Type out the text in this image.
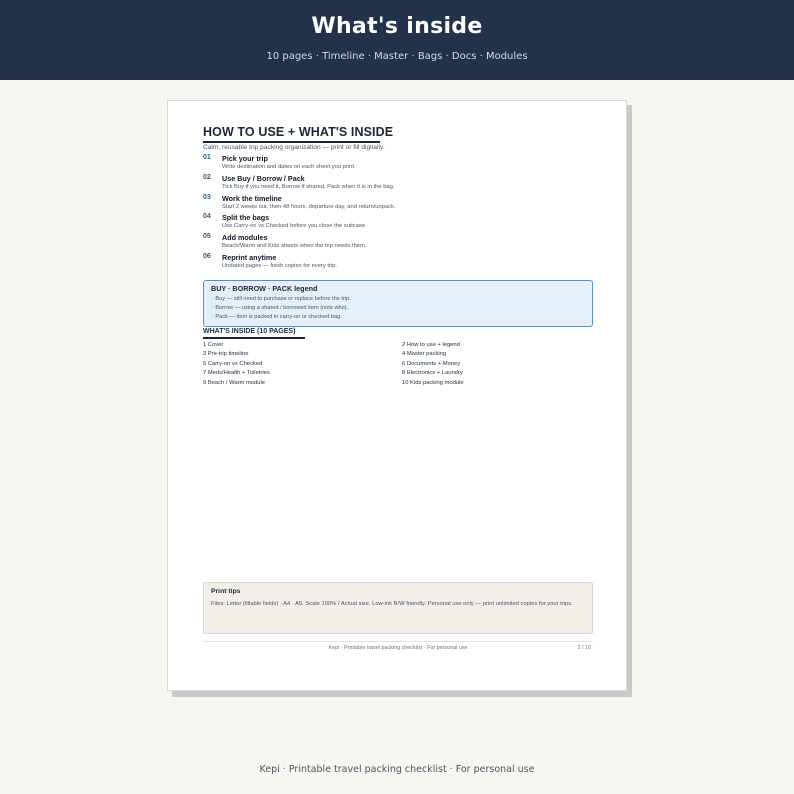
What's inside
10 pages · Timeline · Master · Bags · Docs · Modules
HOW TO USE + WHAT'S INSIDE
Calm, reusable trip packing organization — print or fill digitally.
01 Pick your trip
Write destination and dates on each sheet you print.
02 Use Buy / Borrow / Pack
Tick Buy if you need it, Borrow if shared, Pack when it is in the bag.
03 Work the timeline
Start 2 weeks out, then 48 hours, departure day, and return/unpack.
04 Split the bags
Use Carry-on vs Checked before you close the suitcase.
05 Add modules
Beach/Warm and Kids sheets when the trip needs them.
06 Reprint anytime
Undated pages — fresh copies for every trip.
BUY · BORROW · PACK legend
· Buy — still need to purchase or replace before the trip.
· Borrow — using a shared / borrowed item (note who).
· Pack — item is packed in carry-on or checked bag.
WHAT'S INSIDE (10 PAGES)
1 Cover	2 How to use + legend
3 Pre-trip timeline	4 Master packing
5 Carry-on vs Checked	6 Documents + Money
7 Meds/Health + Toiletries	8 Electronics + Laundry
9 Beach / Warm module	10 Kids packing module
Print tips
Files: Letter (fillable fields) · A4 · A5. Scale 100% / Actual size. Low-ink B/W friendly. Personal use only — print unlimited copies for your trips.
Kepi · Printable travel packing checklist · For personal use	2 / 10
Kepi · Printable travel packing checklist · For personal use
